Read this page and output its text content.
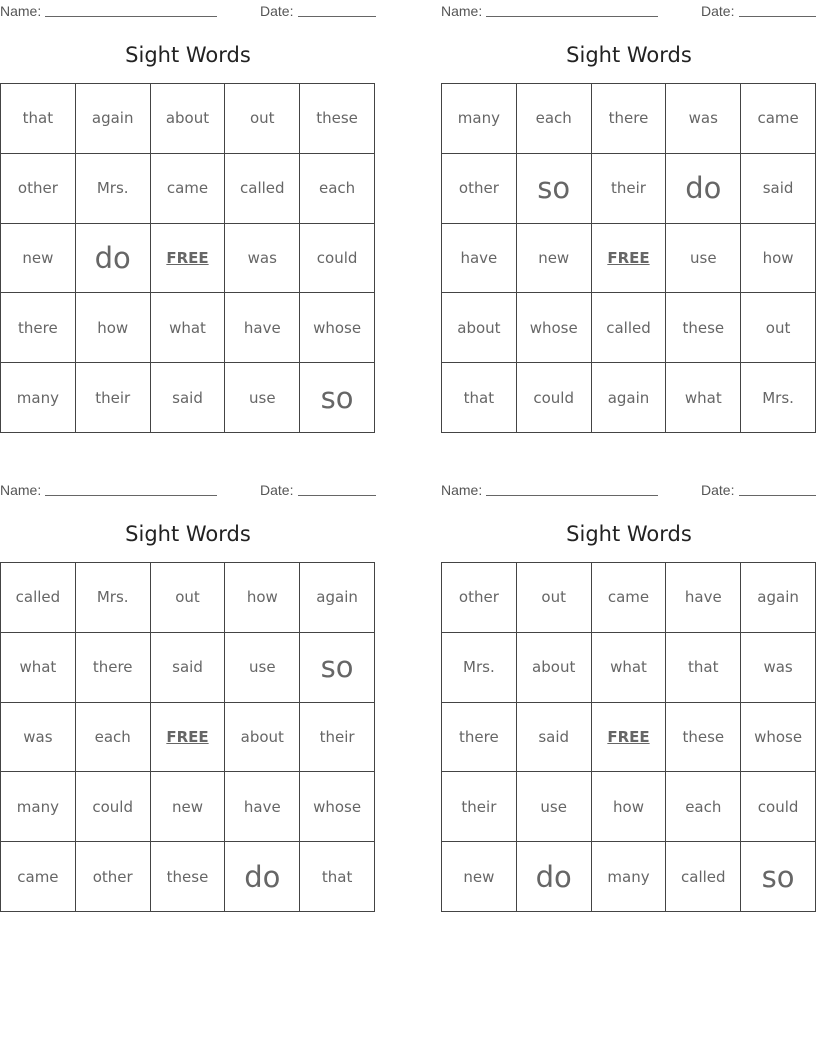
Name:	Date:
Sight Words
that	again	about	out	these
other	Mrs.	came	called	each
new	do	FREE	was	could
there	how	what	have	whose
many	their	said	use	so
Name:	Date:
Sight Words
many	each	there	was	came
other	so	their	do	said
have	new	FREE	use	how
about	whose	called	these	out
that	could	again	what	Mrs.
Name:	Date:
Sight Words
called	Mrs.	out	how	again
what	there	said	use	so
was	each	FREE	about	their
many	could	new	have	whose
came	other	these	do	that
Name:	Date:
Sight Words
other	out	came	have	again
Mrs.	about	what	that	was
there	said	FREE	these	whose
their	use	how	each	could
new	do	many	called	so
